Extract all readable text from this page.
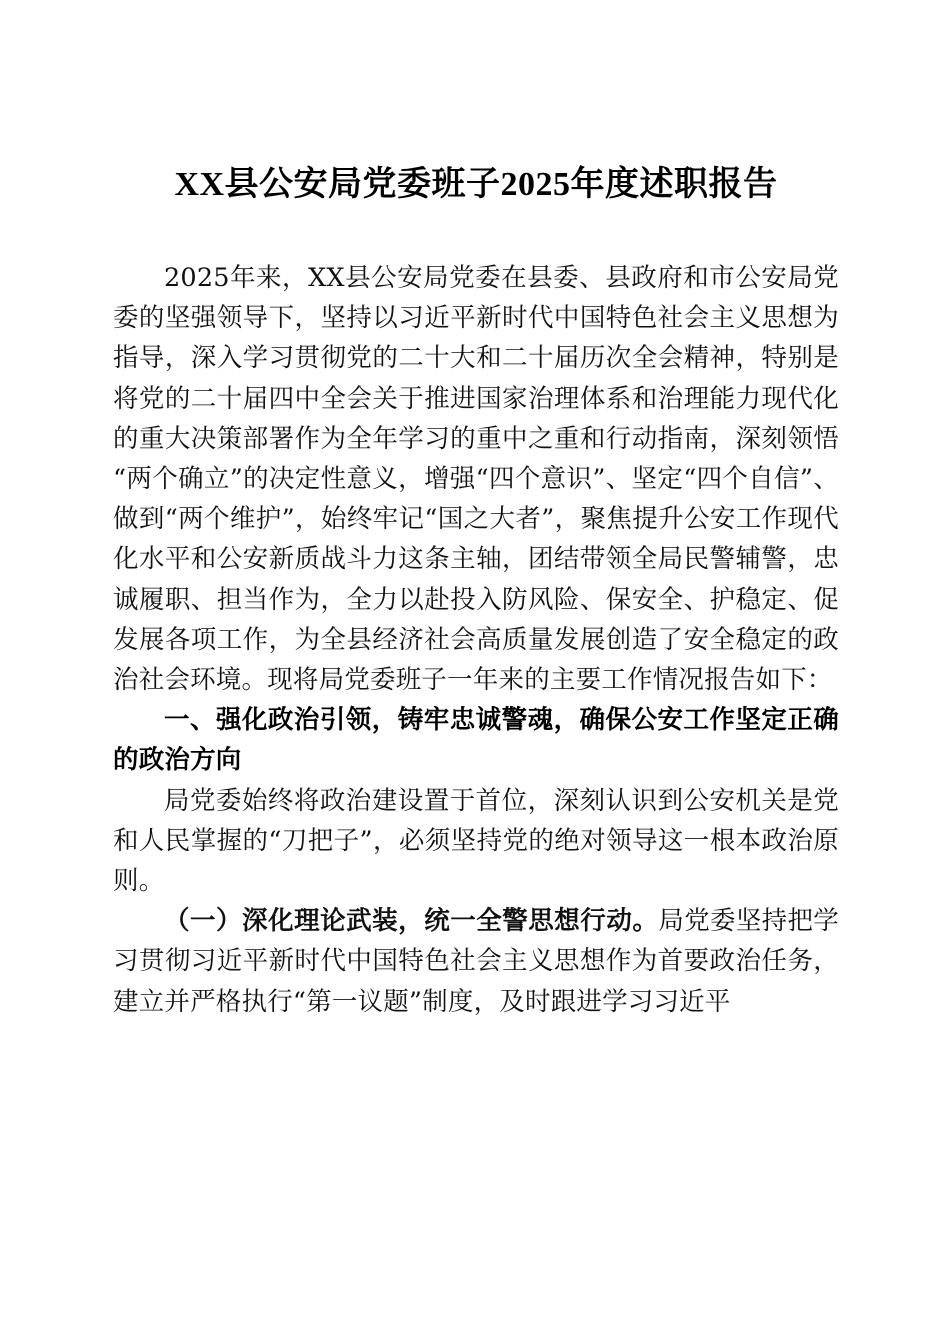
XX县公安局党委班子2025年度述职报告

2025年来，XX县公安局党委在县委、县政府和市公安局党委的坚强领导下，坚持以习近平新时代中国特色社会主义思想为指导，深入学习贯彻党的二十大和二十届历次全会精神，特别是将党的二十届四中全会关于推进国家治理体系和治理能力现代化的重大决策部署作为全年学习的重中之重和行动指南，深刻领悟“两个确立”的决定性意义，增强“四个意识”、坚定“四个自信”、做到“两个维护”，始终牢记“国之大者”，聚焦提升公安工作现代化水平和公安新质战斗力这条主轴，团结带领全局民警辅警，忠诚履职、担当作为，全力以赴投入防风险、保安全、护稳定、促发展各项工作，为全县经济社会高质量发展创造了安全稳定的政治社会环境。现将局党委班子一年来的主要工作情况报告如下：

一、强化政治引领，铸牢忠诚警魂，确保公安工作坚定正确的政治方向

局党委始终将政治建设置于首位，深刻认识到公安机关是党和人民掌握的“刀把子”，必须坚持党的绝对领导这一根本政治原则。

（一）深化理论武装，统一全警思想行动。局党委坚持把学习贯彻习近平新时代中国特色社会主义思想作为首要政治任务，建立并严格执行“第一议题”制度，及时跟进学习习近平
